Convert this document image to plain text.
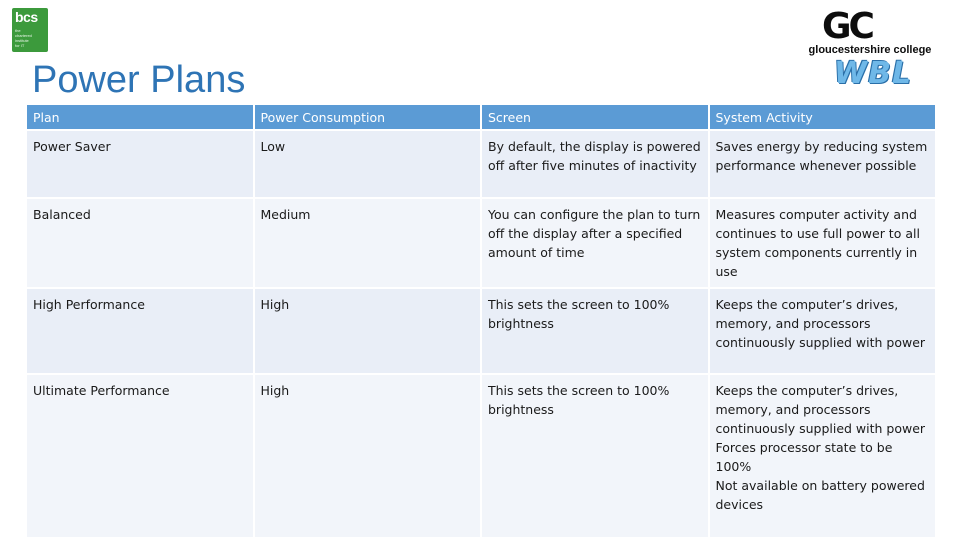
bcs
the
chartered
institute
for IT
Power Plans
GC
gloucestershire college
WBL
Plan	Power Consumption	Screen	System Activity
Power Saver	Low	By default, the display is powered off after five minutes of inactivity	Saves energy by reducing system performance whenever possible

Balanced	Medium	You can configure the plan to turn off the display after a specified amount of time	Measures computer activity and continues to use full power to all system components currently in use

High Performance	High	This sets the screen to 100% brightness	Keeps the computer’s drives, memory, and processors continuously supplied with power

Ultimate Performance	High	This sets the screen to 100% brightness	Keeps the computer’s drives, memory, and processors continuously supplied with power
Forces processor state to be 100%
Not available on battery powered devices
